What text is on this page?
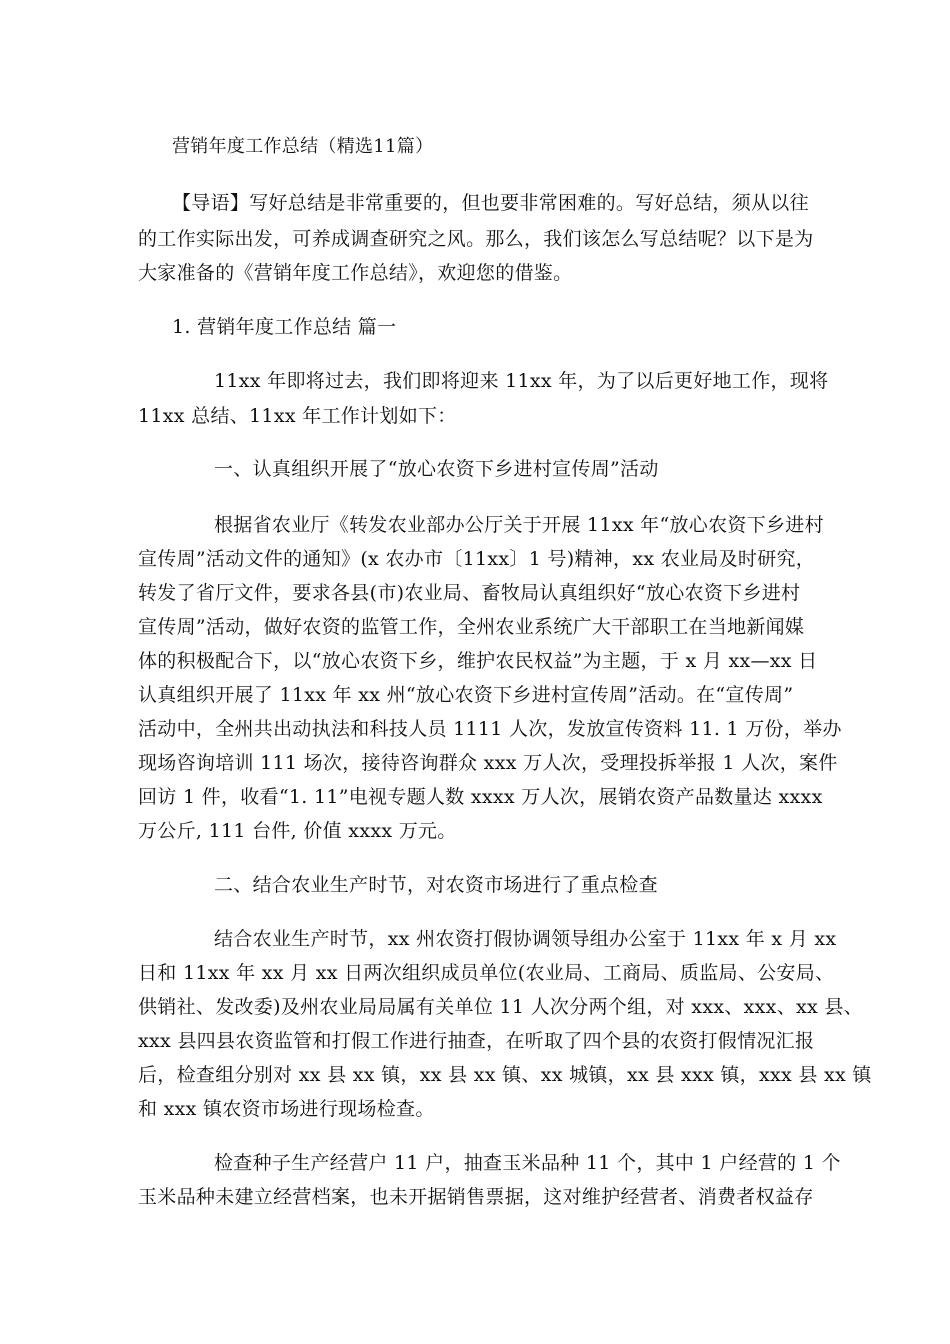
营销年度工作总结（精选11篇）
【导语】写好总结是非常重要的，但也要非常困难的。写好总结，须从以往
的工作实际出发，可养成调查研究之风。那么，我们该怎么写总结呢？以下是为
大家准备的《营销年度工作总结》，欢迎您的借鉴。
1. 营销年度工作总结 篇一
11xx 年即将过去，我们即将迎来 11xx 年，为了以后更好地工作，现将
11xx 总结、11xx 年工作计划如下：
一、认真组织开展了“放心农资下乡进村宣传周”活动
根据省农业厅《转发农业部办公厅关于开展 11xx 年“放心农资下乡进村
宣传周”活动文件的通知》(x 农办市〔11xx〕1 号)精神，xx 农业局及时研究，
转发了省厅文件，要求各县(市)农业局、畜牧局认真组织好“放心农资下乡进村
宣传周”活动，做好农资的监管工作，全州农业系统广大干部职工在当地新闻媒
体的积极配合下，以“放心农资下乡，维护农民权益”为主题，于 x 月 xx—xx 日
认真组织开展了 11xx 年 xx 州“放心农资下乡进村宣传周”活动。在“宣传周”
活动中，全州共出动执法和科技人员 1111 人次，发放宣传资料 11. 1 万份，举办
现场咨询培训 111 场次，接待咨询群众 xxx 万人次，受理投拆举报 1 人次，案件
回访 1 件，收看“1. 11”电视专题人数 xxxx 万人次，展销农资产品数量达 xxxx
万公斤, 111 台件, 价值 xxxx 万元。
二、结合农业生产时节，对农资市场进行了重点检查
结合农业生产时节，xx 州农资打假协调领导组办公室于 11xx 年 x 月 xx
日和 11xx 年 xx 月 xx 日两次组织成员单位(农业局、工商局、质监局、公安局、
供销社、发改委)及州农业局局属有关单位 11 人次分两个组，对 xxx、xxx、xx 县、
xxx 县四县农资监管和打假工作进行抽查，在听取了四个县的农资打假情况汇报
后，检查组分别对 xx 县 xx 镇，xx 县 xx 镇、xx 城镇，xx 县 xxx 镇，xxx 县 xx 镇
和 xxx 镇农资市场进行现场检查。
检查种子生产经营户 11 户，抽查玉米品种 11 个，其中 1 户经营的 1 个
玉米品种未建立经营档案，也未开据销售票据，这对维护经营者、消费者权益存
